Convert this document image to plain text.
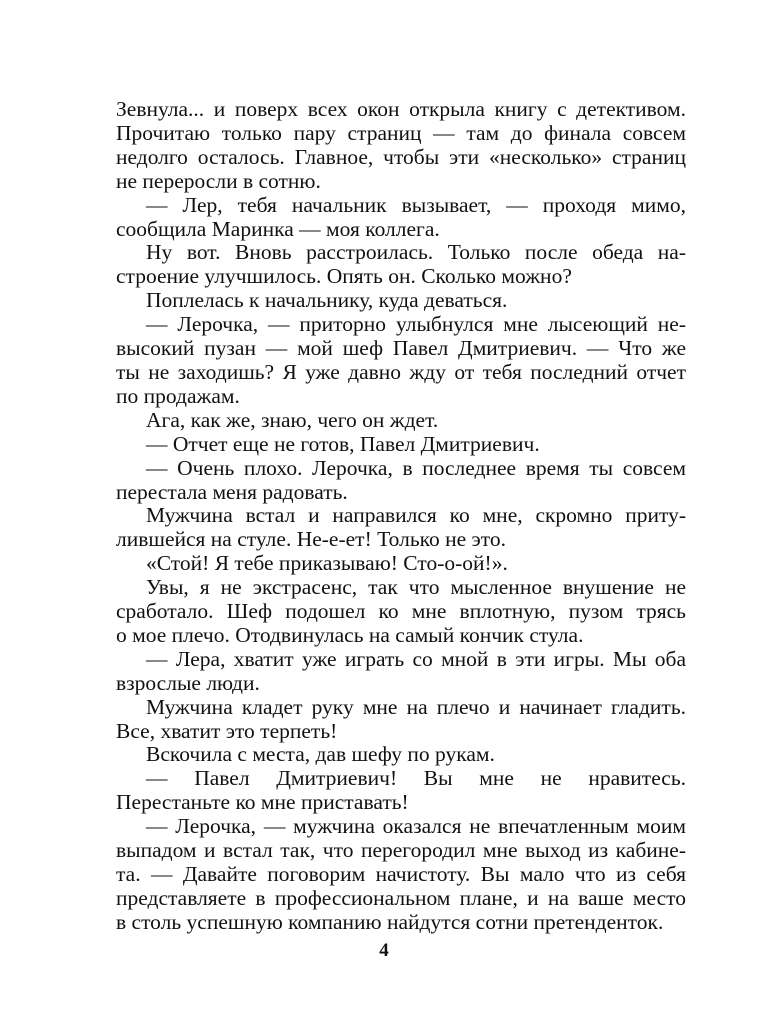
Зевнула... и поверх всех окон открыла книгу с детективом.
Прочитаю только пару страниц — там до финала совсем
недолго осталось. Главное, чтобы эти «несколько» страниц
не переросли в сотню.
— Лер, тебя начальник вызывает, — проходя мимо,
сообщила Маринка — моя коллега.
Ну вот. Вновь расстроилась. Только после обеда на-
строение улучшилось. Опять он. Сколько можно?
Поплелась к начальнику, куда деваться.
— Лерочка, — приторно улыбнулся мне лысеющий не-
высокий пузан — мой шеф Павел Дмитриевич. — Что же
ты не заходишь? Я уже давно жду от тебя последний отчет
по продажам.
Ага, как же, знаю, чего он ждет.
— Отчет еще не готов, Павел Дмитриевич.
— Очень плохо. Лерочка, в последнее время ты совсем
перестала меня радовать.
Мужчина встал и направился ко мне, скромно приту-
лившейся на стуле. Не-е-ет! Только не это.
«Стой! Я тебе приказываю! Сто-о-ой!».
Увы, я не экстрасенс, так что мысленное внушение не
сработало. Шеф подошел ко мне вплотную, пузом трясь
о мое плечо. Отодвинулась на самый кончик стула.
— Лера, хватит уже играть со мной в эти игры. Мы оба
взрослые люди.
Мужчина кладет руку мне на плечо и начинает гладить.
Все, хватит это терпеть!
Вскочила с места, дав шефу по рукам.
— Павел Дмитриевич! Вы мне не нравитесь.
Перестаньте ко мне приставать!
— Лерочка, — мужчина оказался не впечатленным моим
выпадом и встал так, что перегородил мне выход из кабине-
та. — Давайте поговорим начистоту. Вы мало что из себя
представляете в профессиональном плане, и на ваше место
в столь успешную компанию найдутся сотни претенденток.
4
